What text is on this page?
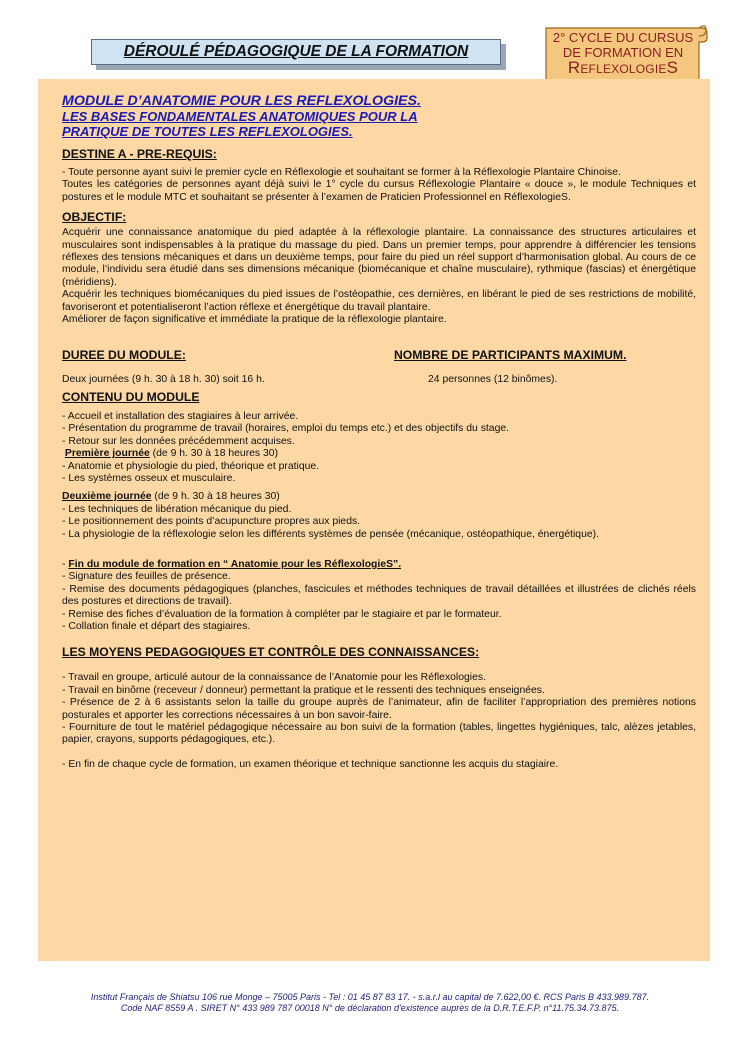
DÉROULÉ PÉDAGOGIQUE DE LA FORMATION
2° CYCLE DU CURSUS
DE FORMATION EN
ReflexologieS
MODULE D’ANATOMIE POUR LES REFLEXOLOGIES.
LES BASES FONDAMENTALES ANATOMIQUES POUR LA
PRATIQUE DE TOUTES LES REFLEXOLOGIES.
DESTINE A - PRE-REQUIS:

- Toute personne ayant suivi le premier cycle en Réflexologie et souhaitant se former à la Réflexologie Plantaire Chinoise.

Toutes les catégories de personnes ayant déjà suivi le 1° cycle du cursus Réflexologie Plantaire « douce », le module Techniques et postures et le module MTC et souhaitant se présenter à l’examen de Praticien Professionnel en RéflexologieS.

OBJECTIF:

Acquérir une connaissance anatomique du pied adaptée à la réflexologie plantaire. La connaissance des structures articulaires et musculaires sont indispensables à la pratique du massage du pied. Dans un premier temps, pour apprendre à différencier les tensions réflexes des tensions mécaniques et dans un deuxième temps, pour faire du pied un réel support d’harmonisation global. Au cours de ce module, l’individu sera étudié dans ses dimensions mécanique (biomécanique et chaîne musculaire), rythmique (fascias) et énergétique (méridiens).

Acquérir les techniques biomécaniques du pied issues de l’ostéopathie, ces dernières, en libérant le pied de ses restrictions de mobilité, favoriseront et potentialiseront l’action réflexe et énergétique du travail plantaire.

Améliorer de façon significative et immédiate la pratique de la réflexologie plantaire.

DUREE DU MODULE:

Deux journées (9 h. 30 à 18 h. 30) soit 16 h.

NOMBRE DE PARTICIPANTS MAXIMUM.

24 personnes (12 binômes).

CONTENU DU MODULE

- Accueil et installation des stagiaires à leur arrivée.

- Présentation du programme de travail (horaires, emploi du temps etc.) et des objectifs du stage.

- Retour sur les données précédemment acquises.

Première journée (de 9 h. 30 à 18 heures 30)

- Anatomie et physiologie du pied, théorique et pratique.

- Les systèmes osseux et musculaire.

Deuxième journée (de 9 h. 30 à 18 heures 30)

- Les techniques de libération mécanique du pied.

- Le positionnement des points d’acupuncture propres aux pieds.

- La physiologie de la réflexologie selon les différents systèmes de pensée (mécanique, ostéopathique, énergétique).

- Fin du module de formation en “ Anatomie pour les RéflexologieS”.

- Signature des feuilles de présence.

- Remise des documents pédagogiques (planches, fascicules et méthodes techniques de travail détaillées et illustrées de clichés réels des postures et directions de travail).

- Remise des fiches d’évaluation de la formation à compléter par le stagiaire et par le formateur.

- Collation finale et départ des stagiaires.

LES MOYENS PEDAGOGIQUES ET CONTRÔLE DES CONNAISSANCES:

- Travail en groupe, articulé autour de la connaissance de l’Anatomie pour les Réflexologies.

- Travail en binôme (receveur / donneur) permettant la pratique et le ressenti des techniques enseignées.

- Présence de 2 à 6 assistants selon la taille du groupe auprès de l’animateur, afin de faciliter l’appropriation des premières notions posturales et apporter les corrections nécessaires à un bon savoir-faire.

- Fourniture de tout le matériel pédagogique nécessaire au bon suivi de la formation (tables, lingettes hygiéniques, talc, alèzes jetables, papier, crayons, supports pédagogiques, etc.).

- En fin de chaque cycle de formation, un examen théorique et technique sanctionne les acquis du stagiaire.

Institut Français de Shiatsu 106 rue Monge – 75005 Paris - Tel : 01 45 87 83 17. - s.a.r.l au capital de 7.622,00 €. RCS Paris B 433.989.787.
Code NAF 8559 A . SIRET N° 433 989 787 00018 N° de déclaration d'existence auprès de la D.R.T.E.F.P. n°11.75.34.73.875.
